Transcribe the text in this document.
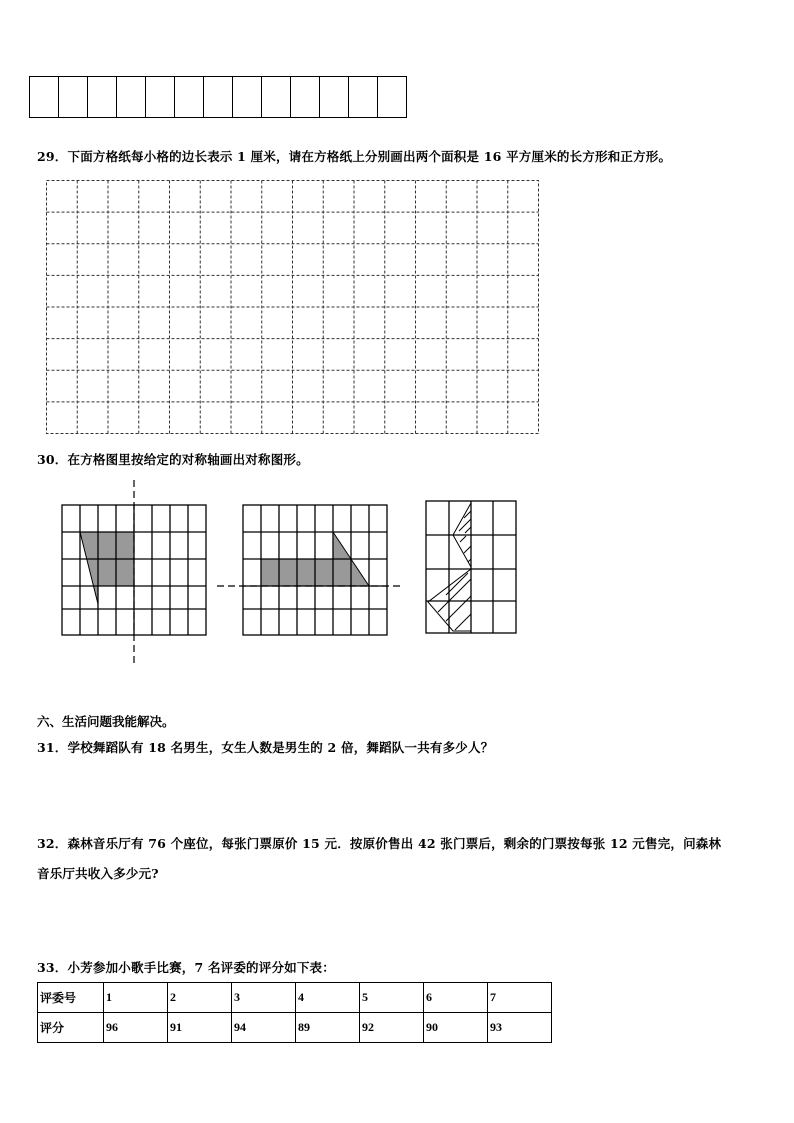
29．下面方格纸每小格的边长表示 1 厘米，请在方格纸上分别画出两个面积是 16 平方厘米的长方形和正方形。
30．在方格图里按给定的对称轴画出对称图形。
六、生活问题我能解决。
31．学校舞蹈队有 18 名男生，女生人数是男生的 2 倍，舞蹈队一共有多少人？
32．森林音乐厅有 76 个座位，每张门票原价 15 元．按原价售出 42 张门票后，剩余的门票按每张 12 元售完，问森林
音乐厅共收入多少元?
33．小芳参加小歌手比赛，7 名评委的评分如下表：
评委号	1	2	3	4	5	6	7
评分	96	91	94	89	92	90	93
